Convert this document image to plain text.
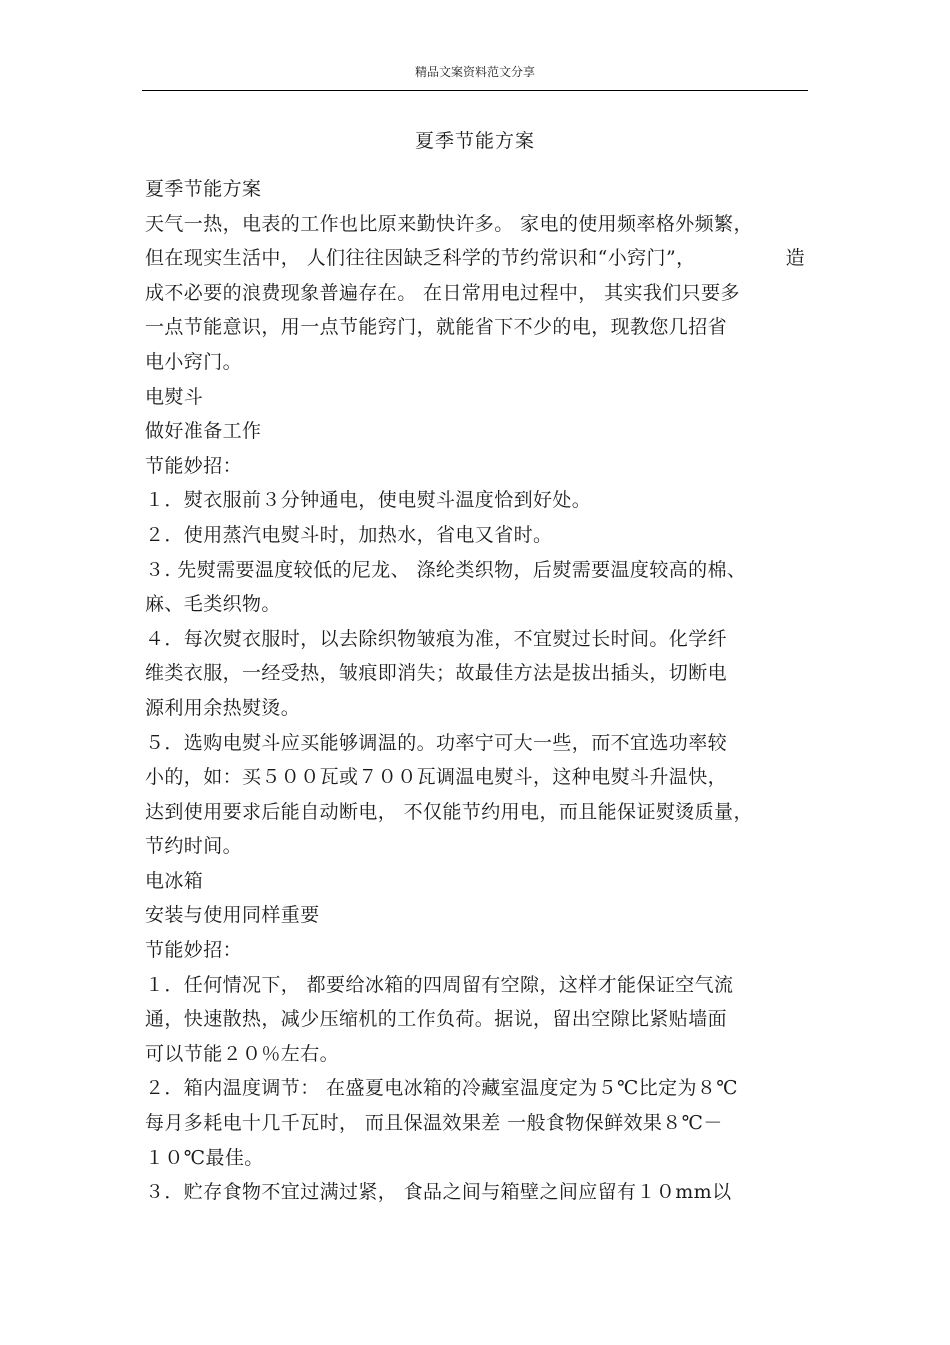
精品文案资料范文分享
夏季节能方案
夏季节能方案
天气一热，电表的工作也比原来勤快许多。 家电的使用频率格外频繁，
但在现实生活中， 人们往往因缺乏科学的节约常识和“小窍门”，	造
成不必要的浪费现象普遍存在。 在日常用电过程中， 其实我们只要多
一点节能意识，用一点节能窍门，就能省下不少的电，现教您几招省
电小窍门。
电熨斗
做好准备工作
节能妙招：
１．熨衣服前３分钟通电，使电熨斗温度恰到好处。
２．使用蒸汽电熨斗时，加热水，省电又省时。
３. 先熨需要温度较低的尼龙、 涤纶类织物，后熨需要温度较高的棉、
麻、毛类织物。
４．每次熨衣服时，以去除织物皱痕为准，不宜熨过长时间。化学纤
维类衣服，一经受热，皱痕即消失；故最佳方法是拔出插头，切断电
源利用余热熨烫。
５．选购电熨斗应买能够调温的。功率宁可大一些，而不宜选功率较
小的，如：买５００瓦或７００瓦调温电熨斗，这种电熨斗升温快，
达到使用要求后能自动断电， 不仅能节约用电，而且能保证熨烫质量，
节约时间。
电冰箱
安装与使用同样重要
节能妙招：
１．任何情况下， 都要给冰箱的四周留有空隙，这样才能保证空气流
通，快速散热，减少压缩机的工作负荷。据说，留出空隙比紧贴墙面
可以节能２０％左右。
２．箱内温度调节： 在盛夏电冰箱的冷藏室温度定为５℃比定为８℃
每月多耗电十几千瓦时， 而且保温效果差 一般食物保鲜效果８℃－
１０℃最佳。
３．贮存食物不宜过满过紧， 食品之间与箱壁之间应留有１０mm以
